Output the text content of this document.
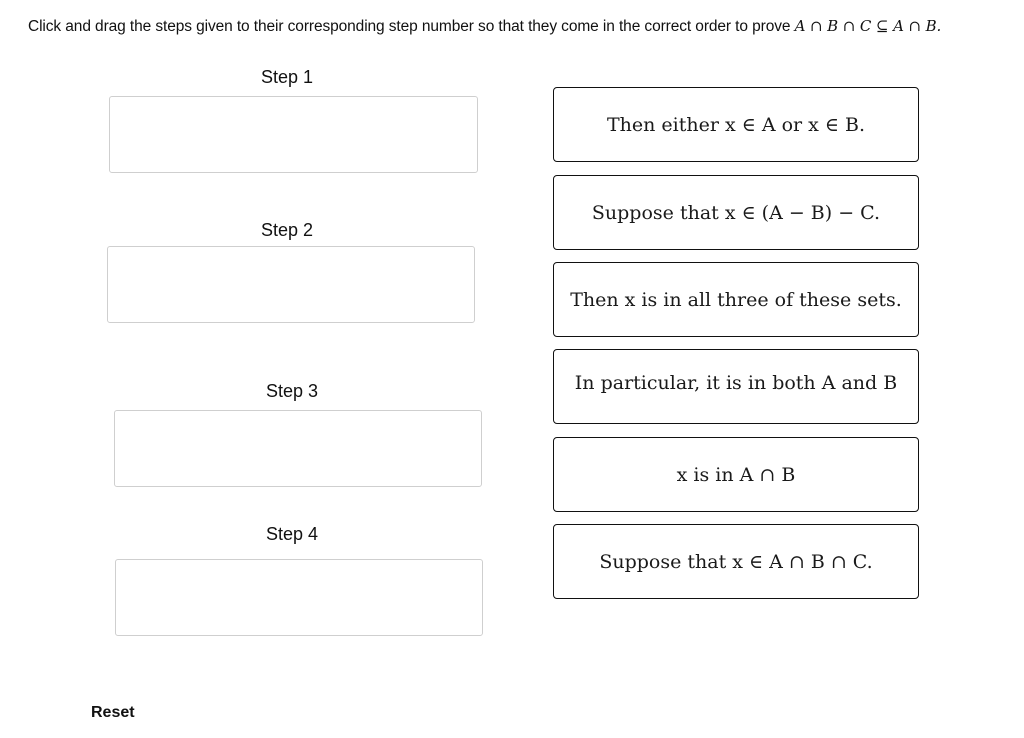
Click and drag the steps given to their corresponding step number so that they come in the correct order to prove A ∩ B ∩ C ⊆ A ∩ B.
Step 1
Step 2
Step 3
Step 4
Then either x ∈ A or x ∈ B.
Suppose that x ∈ (A − B) − C.
Then x is in all three of these sets.
In particular, it is in both A and B
x is in A ∩ B
Suppose that x ∈ A ∩ B ∩ C.
Reset
